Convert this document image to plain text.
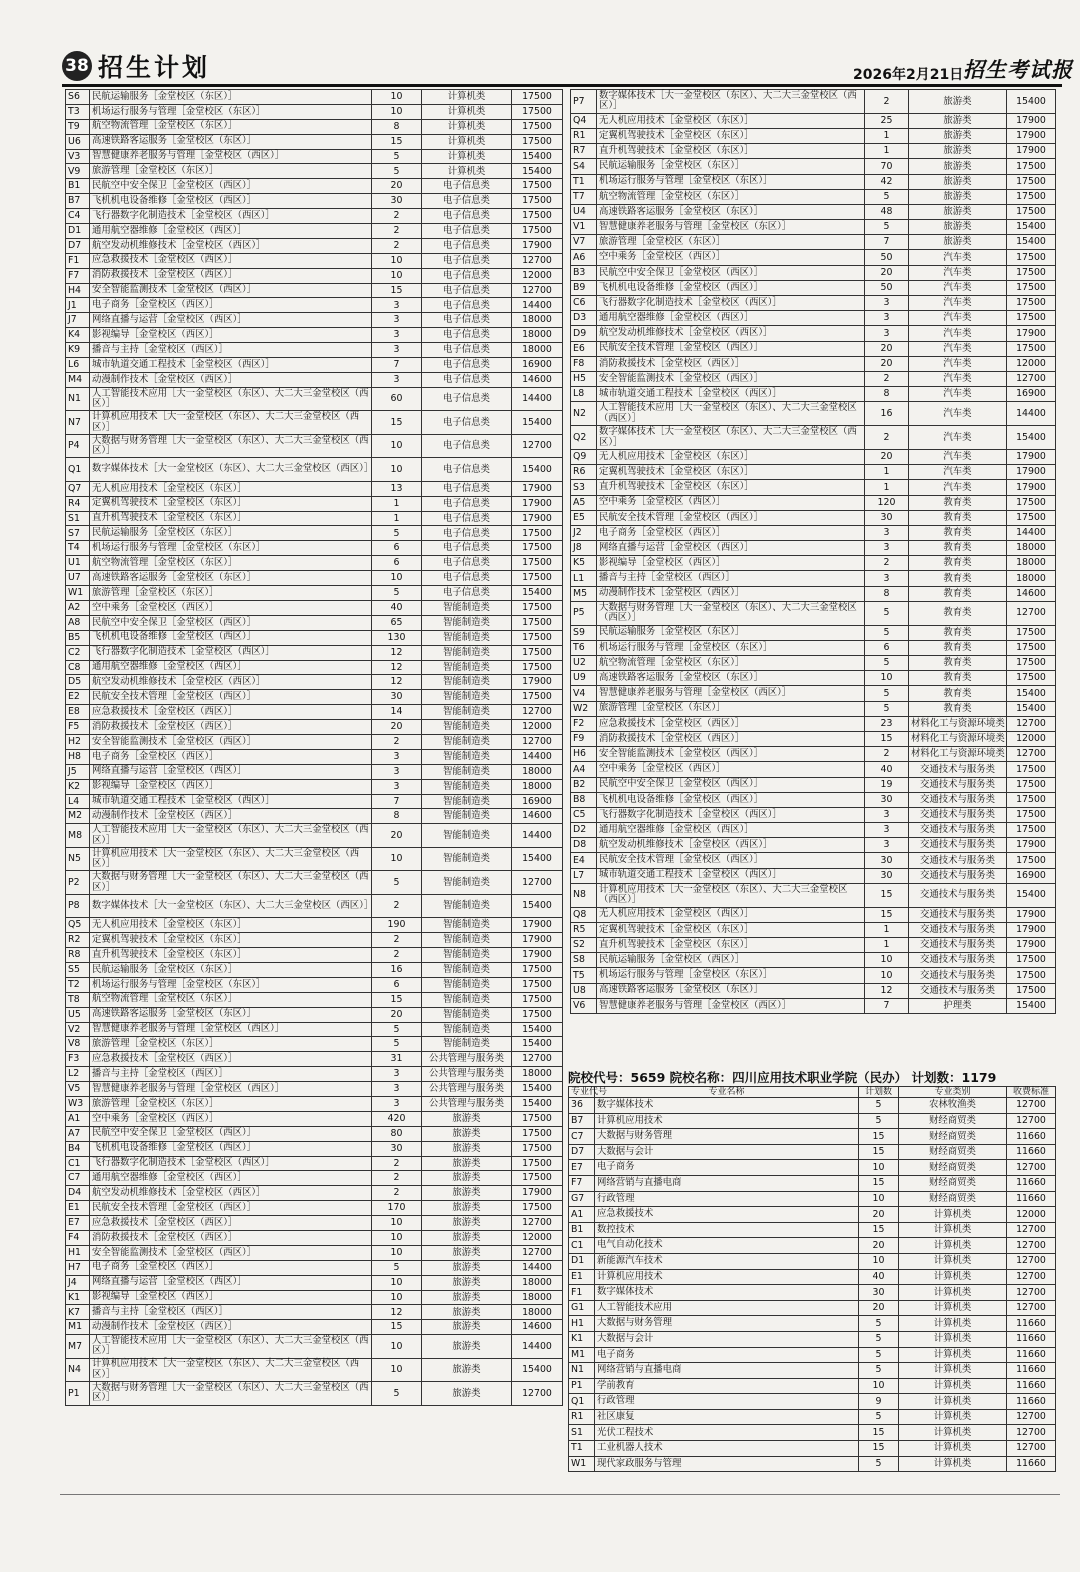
38 招生计划	2026年2月21日 招生考试报
S6	民航运输服务［金堂校区（东区）］	10	计算机类	17500
T3	机场运行服务与管理［金堂校区（东区）］	10	计算机类	17500
T9	航空物流管理［金堂校区（东区）］	8	计算机类	17500
U6	高速铁路客运服务［金堂校区（东区）］	15	计算机类	17500
V3	智慧健康养老服务与管理［金堂校区（西区）］	5	计算机类	15400
V9	旅游管理［金堂校区（东区）］	5	计算机类	15400
B1	民航空中安全保卫［金堂校区（西区）］	20	电子信息类	17500
B7	飞机机电设备维修［金堂校区（西区）］	30	电子信息类	17500
C4	飞行器数字化制造技术［金堂校区（西区）］	2	电子信息类	17500
D1	通用航空器维修［金堂校区（西区）］	2	电子信息类	17500
D7	航空发动机维修技术［金堂校区（西区）］	2	电子信息类	17900
F1	应急救援技术［金堂校区（西区）］	10	电子信息类	12700
F7	消防救援技术［金堂校区（西区）］	10	电子信息类	12000
H4	安全智能监测技术［金堂校区（西区）］	15	电子信息类	12700
J1	电子商务［金堂校区（西区）］	3	电子信息类	14400
J7	网络直播与运营［金堂校区（西区）］	3	电子信息类	18000
K4	影视编导［金堂校区（西区）］	3	电子信息类	18000
K9	播音与主持［金堂校区（西区）］	3	电子信息类	18000
L6	城市轨道交通工程技术［金堂校区（西区）］	7	电子信息类	16900
M4	动漫制作技术［金堂校区（西区）］	3	电子信息类	14600
N1	人工智能技术应用［大一金堂校区（东区）、大二大三金堂校区（西区）］	60	电子信息类	14400
N7	计算机应用技术［大一金堂校区（东区）、大二大三金堂校区（西区）］	15	电子信息类	15400
P4	大数据与财务管理［大一金堂校区（东区）、大二大三金堂校区（西区）］	10	电子信息类	12700
Q1	数字媒体技术［大一金堂校区（东区）、大二大三金堂校区（西区）］	10	电子信息类	15400
Q7	无人机应用技术［金堂校区（东区）］	13	电子信息类	17900
R4	定翼机驾驶技术［金堂校区（东区）］	1	电子信息类	17900
S1	直升机驾驶技术［金堂校区（东区）］	1	电子信息类	17900
S7	民航运输服务［金堂校区（东区）］	5	电子信息类	17500
T4	机场运行服务与管理［金堂校区（东区）］	6	电子信息类	17500
U1	航空物流管理［金堂校区（东区）］	6	电子信息类	17500
U7	高速铁路客运服务［金堂校区（东区）］	10	电子信息类	17500
W1	旅游管理［金堂校区（东区）］	5	电子信息类	15400
A2	空中乘务［金堂校区（西区）］	40	智能制造类	17500
A8	民航空中安全保卫［金堂校区（西区）］	65	智能制造类	17500
B5	飞机机电设备维修［金堂校区（西区）］	130	智能制造类	17500
C2	飞行器数字化制造技术［金堂校区（西区）］	12	智能制造类	17500
C8	通用航空器维修［金堂校区（西区）］	12	智能制造类	17500
D5	航空发动机维修技术［金堂校区（西区）］	12	智能制造类	17900
E2	民航安全技术管理［金堂校区（西区）］	30	智能制造类	17500
E8	应急救援技术［金堂校区（西区）］	14	智能制造类	12700
F5	消防救援技术［金堂校区（西区）］	20	智能制造类	12000
H2	安全智能监测技术［金堂校区（西区）］	2	智能制造类	12700
H8	电子商务［金堂校区（西区）］	3	智能制造类	14400
J5	网络直播与运营［金堂校区（西区）］	3	智能制造类	18000
K2	影视编导［金堂校区（西区）］	3	智能制造类	18000
L4	城市轨道交通工程技术［金堂校区（西区）］	7	智能制造类	16900
M2	动漫制作技术［金堂校区（西区）］	8	智能制造类	14600
M8	人工智能技术应用［大一金堂校区（东区）、大二大三金堂校区（西区）］	20	智能制造类	14400
N5	计算机应用技术［大一金堂校区（东区）、大二大三金堂校区（西区）］	10	智能制造类	15400
P2	大数据与财务管理［大一金堂校区（东区）、大二大三金堂校区（西区）］	5	智能制造类	12700
P8	数字媒体技术［大一金堂校区（东区）、大二大三金堂校区（西区）］	2	智能制造类	15400
Q5	无人机应用技术［金堂校区（东区）］	190	智能制造类	17900
R2	定翼机驾驶技术［金堂校区（东区）］	2	智能制造类	17900
R8	直升机驾驶技术［金堂校区（东区）］	2	智能制造类	17900
S5	民航运输服务［金堂校区（东区）］	16	智能制造类	17500
T2	机场运行服务与管理［金堂校区（东区）］	6	智能制造类	17500
T8	航空物流管理［金堂校区（东区）］	15	智能制造类	17500
U5	高速铁路客运服务［金堂校区（东区）］	20	智能制造类	17500
V2	智慧健康养老服务与管理［金堂校区（西区）］	5	智能制造类	15400
V8	旅游管理［金堂校区（东区）］	5	智能制造类	15400
F3	应急救援技术［金堂校区（西区）］	31	公共管理与服务类	12700
L2	播音与主持［金堂校区（西区）］	3	公共管理与服务类	18000
V5	智慧健康养老服务与管理［金堂校区（西区）］	3	公共管理与服务类	15400
W3	旅游管理［金堂校区（东区）］	3	公共管理与服务类	15400
A1	空中乘务［金堂校区（西区）］	420	旅游类	17500
A7	民航空中安全保卫［金堂校区（西区）］	80	旅游类	17500
B4	飞机机电设备维修［金堂校区（西区）］	30	旅游类	17500
C1	飞行器数字化制造技术［金堂校区（西区）］	2	旅游类	17500
C7	通用航空器维修［金堂校区（西区）］	2	旅游类	17500
D4	航空发动机维修技术［金堂校区（西区）］	2	旅游类	17900
E1	民航安全技术管理［金堂校区（西区）］	170	旅游类	17500
E7	应急救援技术［金堂校区（西区）］	10	旅游类	12700
F4	消防救援技术［金堂校区（西区）］	10	旅游类	12000
H1	安全智能监测技术［金堂校区（西区）］	10	旅游类	12700
H7	电子商务［金堂校区（西区）］	5	旅游类	14400
J4	网络直播与运营［金堂校区（西区）］	10	旅游类	18000
K1	影视编导［金堂校区（西区）］	10	旅游类	18000
K7	播音与主持［金堂校区（西区）］	12	旅游类	18000
M1	动漫制作技术［金堂校区（西区）］	15	旅游类	14600
M7	人工智能技术应用［大一金堂校区（东区）、大二大三金堂校区（西区）］	10	旅游类	14400
N4	计算机应用技术［大一金堂校区（东区）、大二大三金堂校区（西区）］	10	旅游类	15400
P1	大数据与财务管理［大一金堂校区（东区）、大二大三金堂校区（西区）］	5	旅游类	12700
P7	数字媒体技术［大一金堂校区（东区）、大二大三金堂校区（西区）］	2	旅游类	15400
Q4	无人机应用技术［金堂校区（东区）］	25	旅游类	17900
R1	定翼机驾驶技术［金堂校区（东区）］	1	旅游类	17900
R7	直升机驾驶技术［金堂校区（东区）］	1	旅游类	17900
S4	民航运输服务［金堂校区（东区）］	70	旅游类	17500
T1	机场运行服务与管理［金堂校区（东区）］	42	旅游类	17500
T7	航空物流管理［金堂校区（东区）］	5	旅游类	17500
U4	高速铁路客运服务［金堂校区（东区）］	48	旅游类	17500
V1	智慧健康养老服务与管理［金堂校区（东区）］	5	旅游类	15400
V7	旅游管理［金堂校区（东区）］	7	旅游类	15400
A6	空中乘务［金堂校区（西区）］	50	汽车类	17500
B3	民航空中安全保卫［金堂校区（西区）］	20	汽车类	17500
B9	飞机机电设备维修［金堂校区（西区）］	50	汽车类	17500
C6	飞行器数字化制造技术［金堂校区（西区）］	3	汽车类	17500
D3	通用航空器维修［金堂校区（西区）］	3	汽车类	17500
D9	航空发动机维修技术［金堂校区（西区）］	3	汽车类	17900
E6	民航安全技术管理［金堂校区（西区）］	20	汽车类	17500
F8	消防救援技术［金堂校区（西区）］	20	汽车类	12000
H5	安全智能监测技术［金堂校区（西区）］	2	汽车类	12700
L8	城市轨道交通工程技术［金堂校区（西区）］	8	汽车类	16900
N2	人工智能技术应用［大一金堂校区（东区）、大二大三金堂校区（西区）］	16	汽车类	14400
Q2	数字媒体技术［大一金堂校区（东区）、大二大三金堂校区（西区）］	2	汽车类	15400
Q9	无人机应用技术［金堂校区（东区）］	20	汽车类	17900
R6	定翼机驾驶技术［金堂校区（东区）］	1	汽车类	17900
S3	直升机驾驶技术［金堂校区（东区）］	1	汽车类	17900
A5	空中乘务［金堂校区（西区）］	120	教育类	17500
E5	民航安全技术管理［金堂校区（西区）］	30	教育类	17500
J2	电子商务［金堂校区（西区）］	3	教育类	14400
J8	网络直播与运营［金堂校区（西区）］	3	教育类	18000
K5	影视编导［金堂校区（西区）］	2	教育类	18000
L1	播音与主持［金堂校区（西区）］	3	教育类	18000
M5	动漫制作技术［金堂校区（西区）］	8	教育类	14600
P5	大数据与财务管理［大一金堂校区（东区）、大二大三金堂校区（西区）］	5	教育类	12700
S9	民航运输服务［金堂校区（东区）］	5	教育类	17500
T6	机场运行服务与管理［金堂校区（东区）］	6	教育类	17500
U2	航空物流管理［金堂校区（东区）］	5	教育类	17500
U9	高速铁路客运服务［金堂校区（东区）］	10	教育类	17500
V4	智慧健康养老服务与管理［金堂校区（西区）］	5	教育类	15400
W2	旅游管理［金堂校区（东区）］	5	教育类	15400
F2	应急救援技术［金堂校区（西区）］	23	材料化工与资源环境类	12700
F9	消防救援技术［金堂校区（西区）］	15	材料化工与资源环境类	12000
H6	安全智能监测技术［金堂校区（西区）］	2	材料化工与资源环境类	12700
A4	空中乘务［金堂校区（西区）］	40	交通技术与服务类	17500
B2	民航空中安全保卫［金堂校区（西区）］	19	交通技术与服务类	17500
B8	飞机机电设备维修［金堂校区（西区）］	30	交通技术与服务类	17500
C5	飞行器数字化制造技术［金堂校区（西区）］	3	交通技术与服务类	17500
D2	通用航空器维修［金堂校区（西区）］	3	交通技术与服务类	17500
D8	航空发动机维修技术［金堂校区（西区）］	3	交通技术与服务类	17900
E4	民航安全技术管理［金堂校区（西区）］	30	交通技术与服务类	17500
L7	城市轨道交通工程技术［金堂校区（西区）］	30	交通技术与服务类	16900
N8	计算机应用技术［大一金堂校区（东区）、大二大三金堂校区（西区）］	15	交通技术与服务类	15400
Q8	无人机应用技术［金堂校区（西区）］	15	交通技术与服务类	17900
R5	定翼机驾驶技术［金堂校区（东区）］	1	交通技术与服务类	17900
S2	直升机驾驶技术［金堂校区（东区）］	1	交通技术与服务类	17900
S8	民航运输服务［金堂校区（西区）］	10	交通技术与服务类	17500
T5	机场运行服务与管理［金堂校区（东区）］	10	交通技术与服务类	17500
U8	高速铁路客运服务［金堂校区（东区）］	12	交通技术与服务类	17500
V6	智慧健康养老服务与管理［金堂校区（西区）］	7	护理类	15400
院校代号：5659 院校名称：四川应用技术职业学院（民办） 计划数：1179
专业代号	专业名称	计划数	专业类别	收费标准
36	数字媒体技术	5	农林牧渔类	12700
B7	计算机应用技术	5	财经商贸类	12700
C7	大数据与财务管理	15	财经商贸类	11660
D7	大数据与会计	15	财经商贸类	11660
E7	电子商务	10	财经商贸类	12700
F7	网络营销与直播电商	15	财经商贸类	11660
G7	行政管理	10	财经商贸类	11660
A1	应急救援技术	20	计算机类	12000
B1	数控技术	15	计算机类	12700
C1	电气自动化技术	20	计算机类	12700
D1	新能源汽车技术	10	计算机类	12700
E1	计算机应用技术	40	计算机类	12700
F1	数字媒体技术	30	计算机类	12700
G1	人工智能技术应用	20	计算机类	12700
H1	大数据与财务管理	5	计算机类	11660
K1	大数据与会计	5	计算机类	11660
M1	电子商务	5	计算机类	11660
N1	网络营销与直播电商	5	计算机类	11660
P1	学前教育	10	计算机类	11660
Q1	行政管理	9	计算机类	11660
R1	社区康复	5	计算机类	12700
S1	光伏工程技术	15	计算机类	12700
T1	工业机器人技术	15	计算机类	12700
W1	现代家政服务与管理	5	计算机类	11660
